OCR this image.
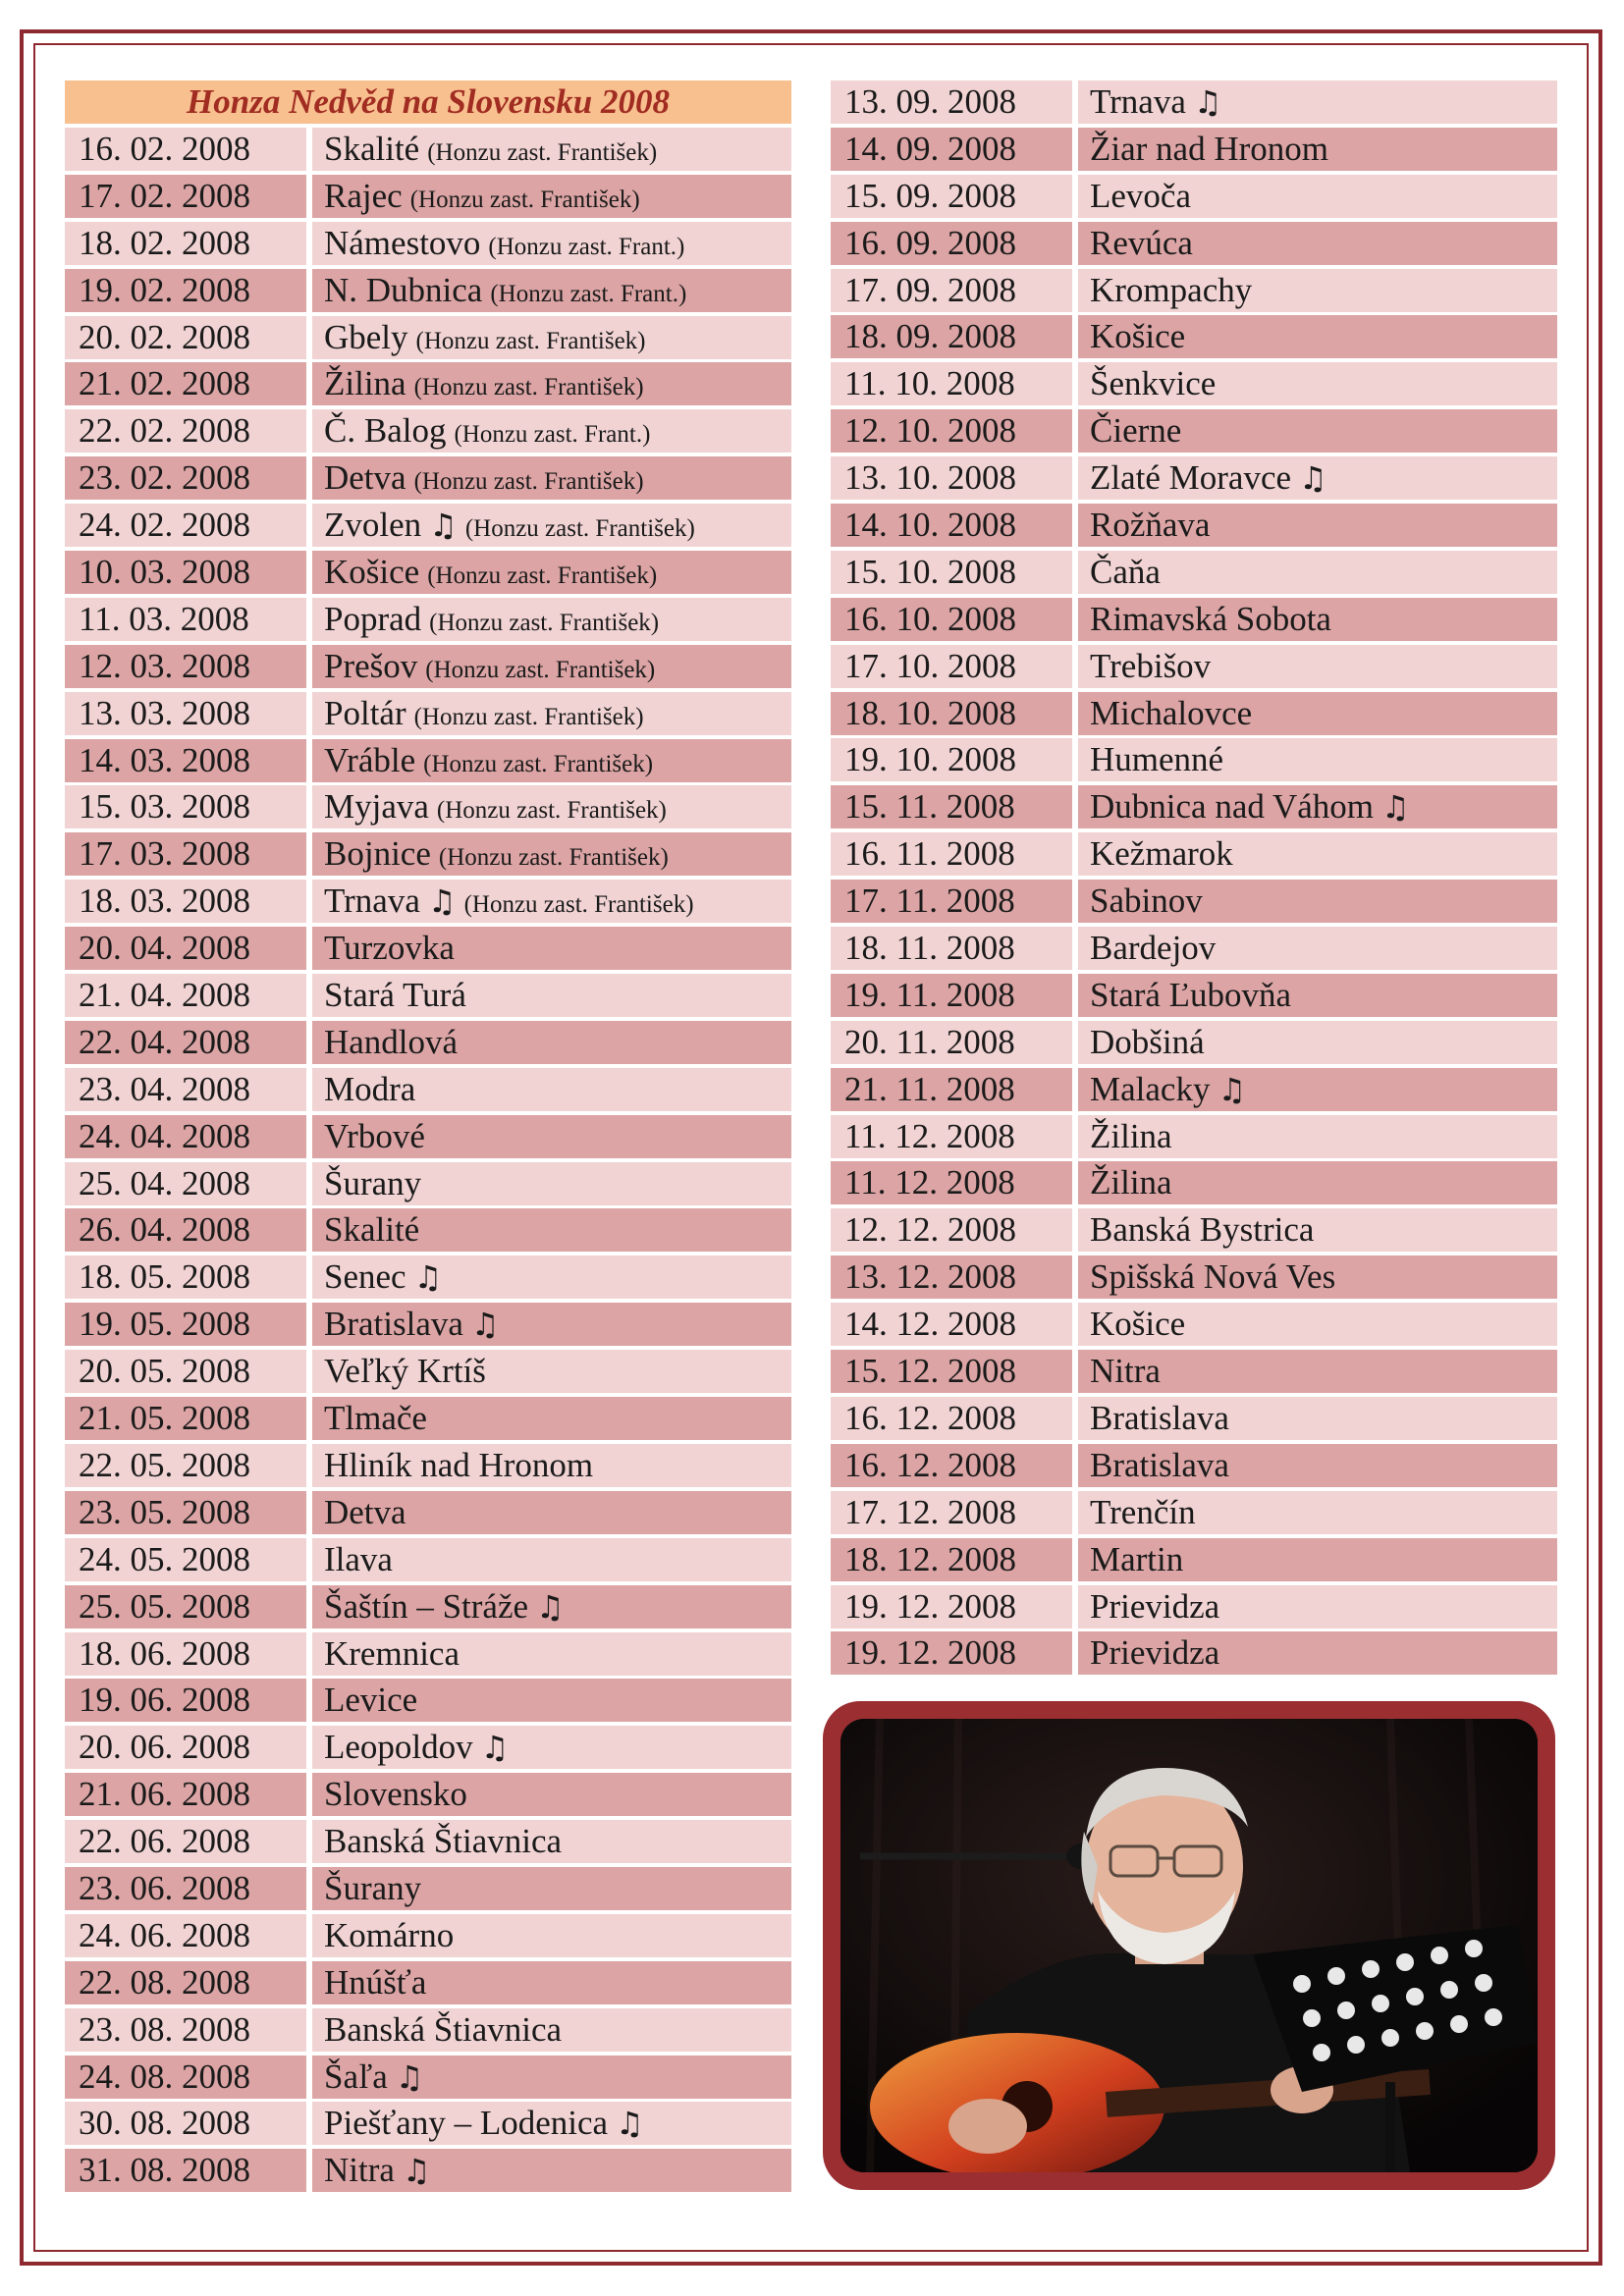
Honza Nedvěd na Slovensku 2008
16. 02. 2008	Skalité (Honzu zast. František)
17. 02. 2008	Rajec (Honzu zast. František)
18. 02. 2008	Námestovo (Honzu zast. Frant.)
19. 02. 2008	N. Dubnica (Honzu zast. Frant.)
20. 02. 2008	Gbely (Honzu zast. František)
21. 02. 2008	Žilina (Honzu zast. František)
22. 02. 2008	Č. Balog (Honzu zast. Frant.)
23. 02. 2008	Detva (Honzu zast. František)
24. 02. 2008	Zvolen ♫ (Honzu zast. František)
10. 03. 2008	Košice (Honzu zast. František)
11. 03. 2008	Poprad (Honzu zast. František)
12. 03. 2008	Prešov (Honzu zast. František)
13. 03. 2008	Poltár (Honzu zast. František)
14. 03. 2008	Vráble (Honzu zast. František)
15. 03. 2008	Myjava (Honzu zast. František)
17. 03. 2008	Bojnice (Honzu zast. František)
18. 03. 2008	Trnava ♫ (Honzu zast. František)
20. 04. 2008	Turzovka
21. 04. 2008	Stará Turá
22. 04. 2008	Handlová
23. 04. 2008	Modra
24. 04. 2008	Vrbové
25. 04. 2008	Šurany
26. 04. 2008	Skalité
18. 05. 2008	Senec ♫
19. 05. 2008	Bratislava ♫
20. 05. 2008	Veľký Krtíš
21. 05. 2008	Tlmače
22. 05. 2008	Hliník nad Hronom
23. 05. 2008	Detva
24. 05. 2008	Ilava
25. 05. 2008	Šaštín – Stráže ♫
18. 06. 2008	Kremnica
19. 06. 2008	Levice
20. 06. 2008	Leopoldov ♫
21. 06. 2008	Slovensko
22. 06. 2008	Banská Štiavnica
23. 06. 2008	Šurany
24. 06. 2008	Komárno
22. 08. 2008	Hnúšťa
23. 08. 2008	Banská Štiavnica
24. 08. 2008	Šaľa ♫
30. 08. 2008	Piešťany – Lodenica ♫
31. 08. 2008	Nitra ♫
13. 09. 2008	Trnava ♫
14. 09. 2008	Žiar nad Hronom
15. 09. 2008	Levoča
16. 09. 2008	Revúca
17. 09. 2008	Krompachy
18. 09. 2008	Košice
11. 10. 2008	Šenkvice
12. 10. 2008	Čierne
13. 10. 2008	Zlaté Moravce ♫
14. 10. 2008	Rožňava
15. 10. 2008	Čaňa
16. 10. 2008	Rimavská Sobota
17. 10. 2008	Trebišov
18. 10. 2008	Michalovce
19. 10. 2008	Humenné
15. 11. 2008	Dubnica nad Váhom ♫
16. 11. 2008	Kežmarok
17. 11. 2008	Sabinov
18. 11. 2008	Bardejov
19. 11. 2008	Stará Ľubovňa
20. 11. 2008	Dobšiná
21. 11. 2008	Malacky ♫
11. 12. 2008	Žilina
11. 12. 2008	Žilina
12. 12. 2008	Banská Bystrica
13. 12. 2008	Spišská Nová Ves
14. 12. 2008	Košice
15. 12. 2008	Nitra
16. 12. 2008	Bratislava
16. 12. 2008	Bratislava
17. 12. 2008	Trenčín
18. 12. 2008	Martin
19. 12. 2008	Prievidza
19. 12. 2008	Prievidza
